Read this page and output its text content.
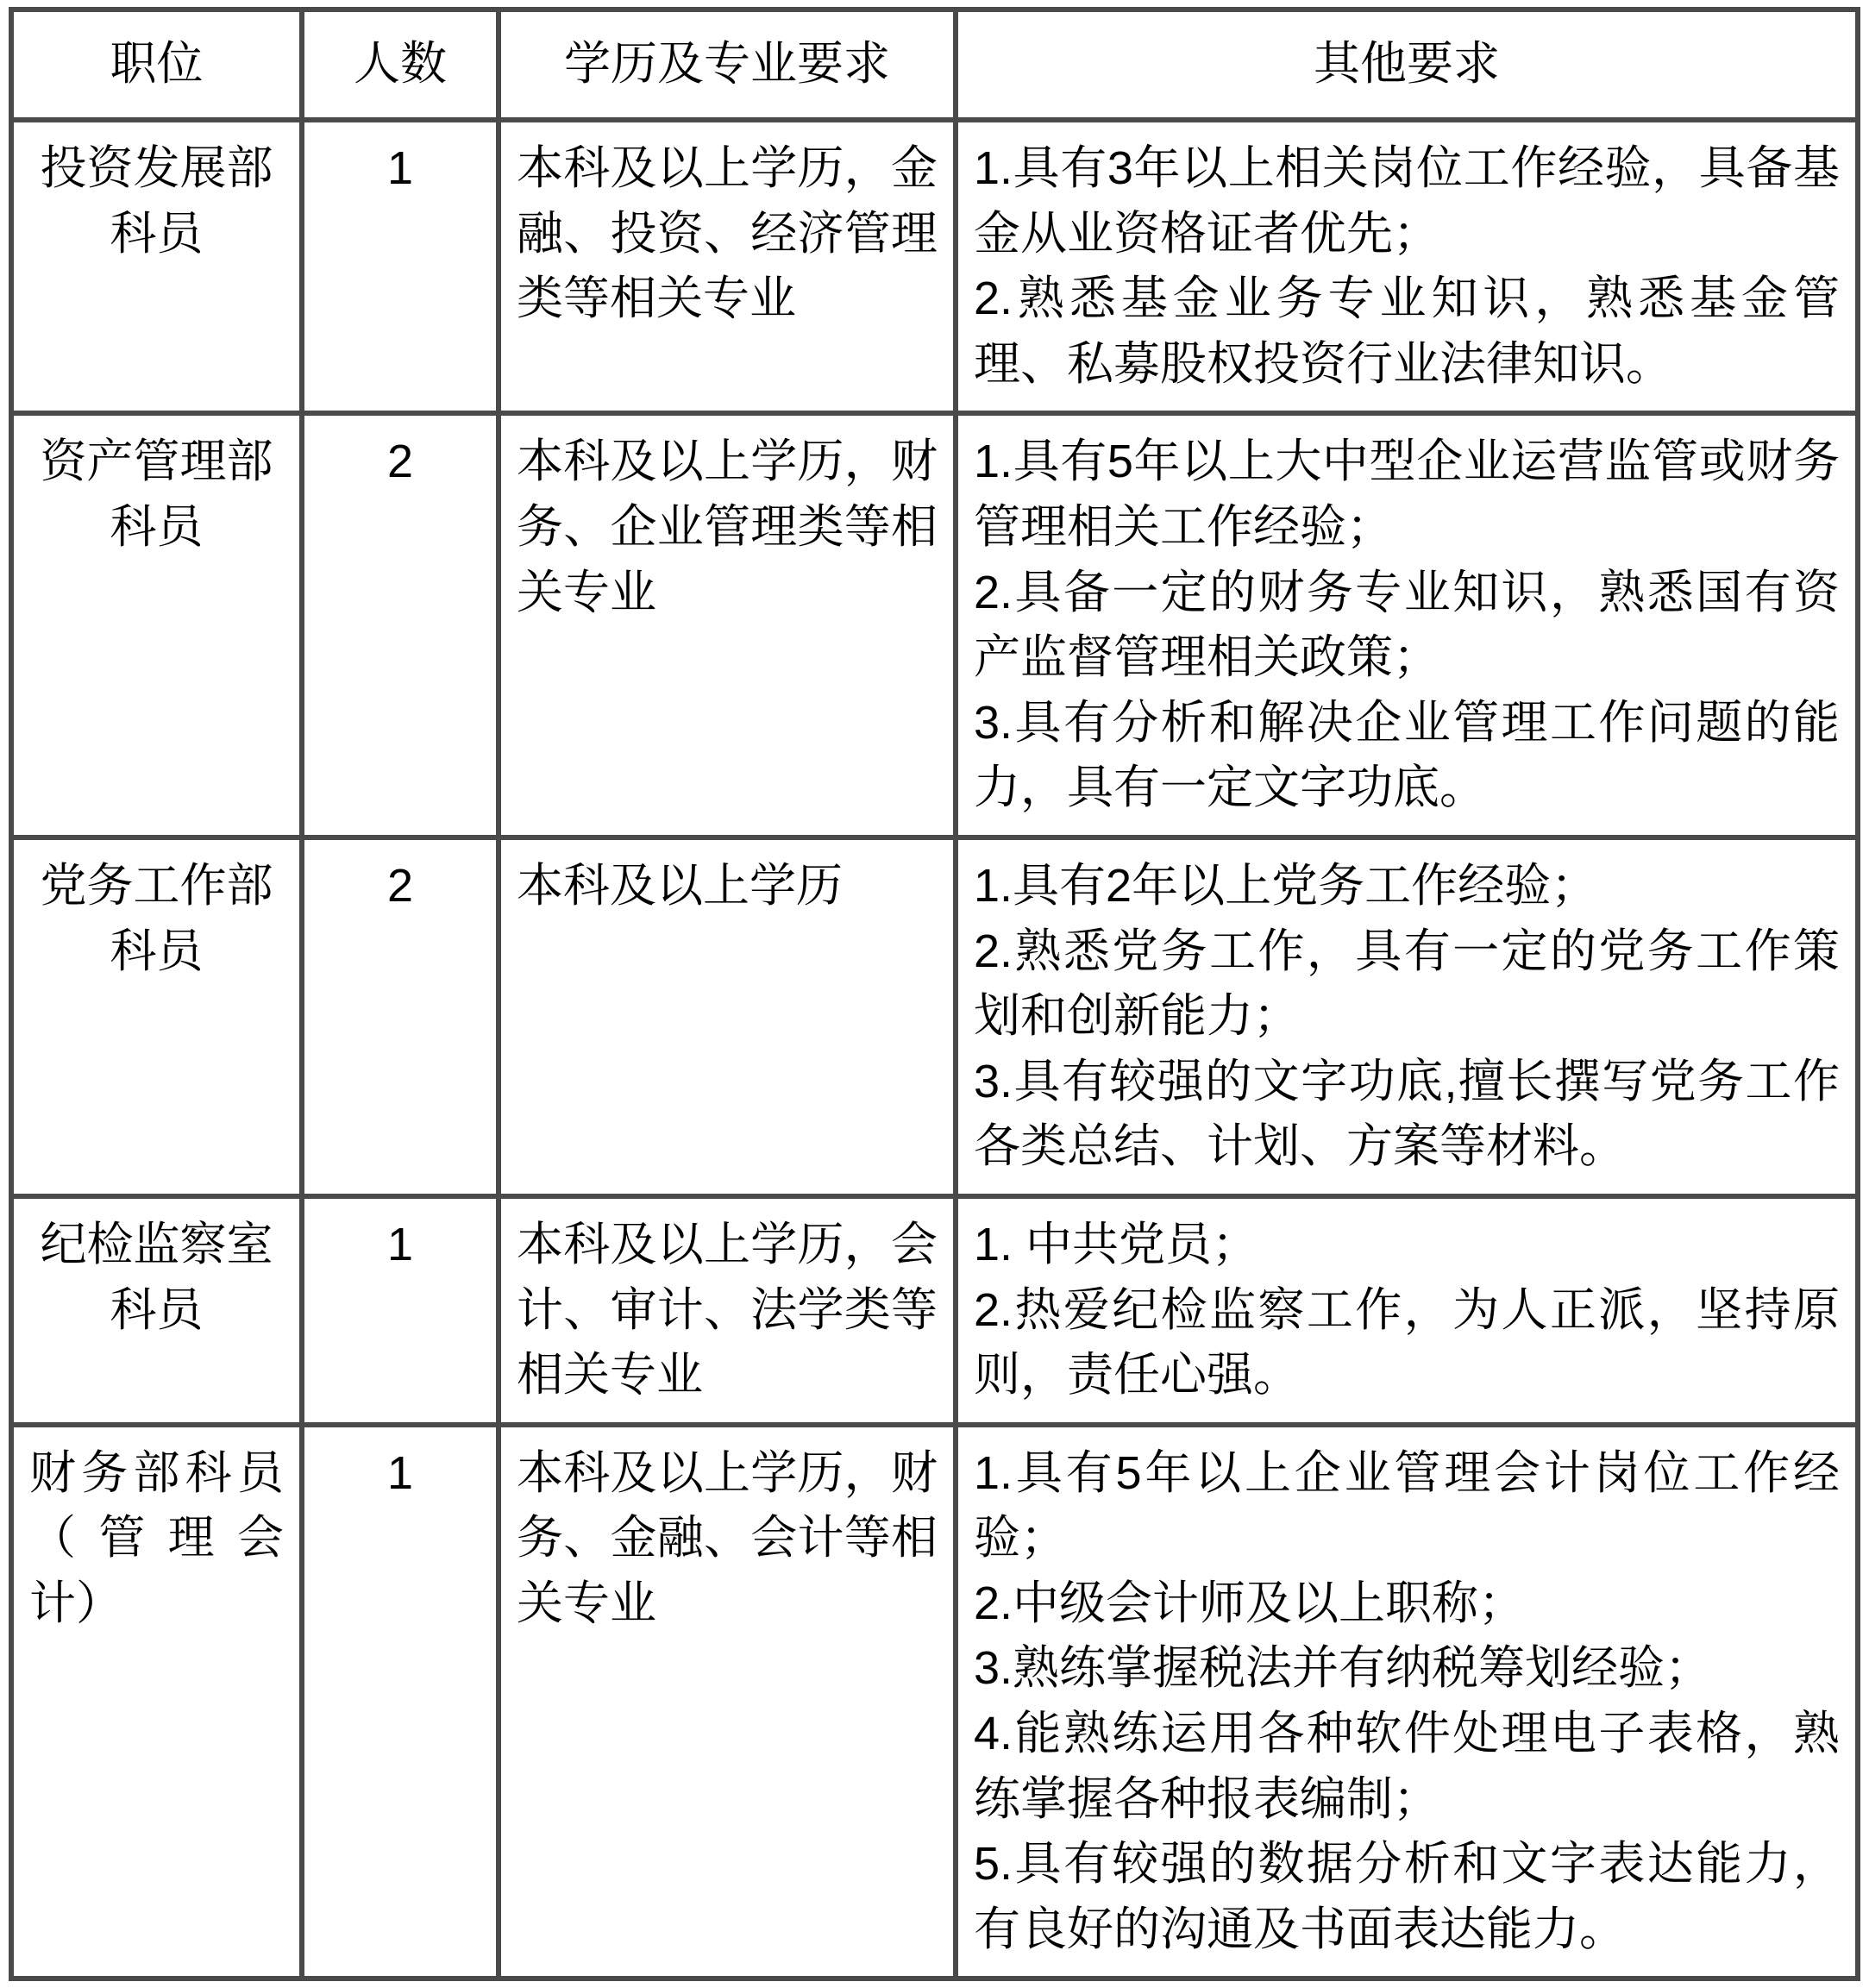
职位	人数	学历及专业要求	其他要求
投资发展部科员	1	本科及以上学历，金融、投资、经济管理类等相关专业	1.具有3年以上相关岗位工作经验，具备基金从业资格证者优先；
2.熟悉基金业务专业知识，熟悉基金管理、私募股权投资行业法律知识。

资产管理部科员	2	本科及以上学历，财务、企业管理类等相关专业	1.具有5年以上大中型企业运营监管或财务管理相关工作经验；
2.具备一定的财务专业知识，熟悉国有资产监督管理相关政策；
3.具有分析和解决企业管理工作问题的能力，具有一定文字功底。

党务工作部科员	2	本科及以上学历	1.具有2年以上党务工作经验；
2.熟悉党务工作，具有一定的党务工作策划和创新能力；
3.具有较强的文字功底,擅长撰写党务工作各类总结、计划、方案等材料。

纪检监察室科员	1	本科及以上学历，会计、审计、法学类等相关专业	1. 中共党员；
2.热爱纪检监察工作，为人正派，坚持原则，责任心强。

财务部科员（管理会计）	1	本科及以上学历，财务、金融、会计等相关专业	1.具有5年以上企业管理会计岗位工作经验；
2.中级会计师及以上职称；
3.熟练掌握税法并有纳税筹划经验；
4.能熟练运用各种软件处理电子表格，熟练掌握各种报表编制；
5.具有较强的数据分析和文字表达能力，有良好的沟通及书面表达能力。
